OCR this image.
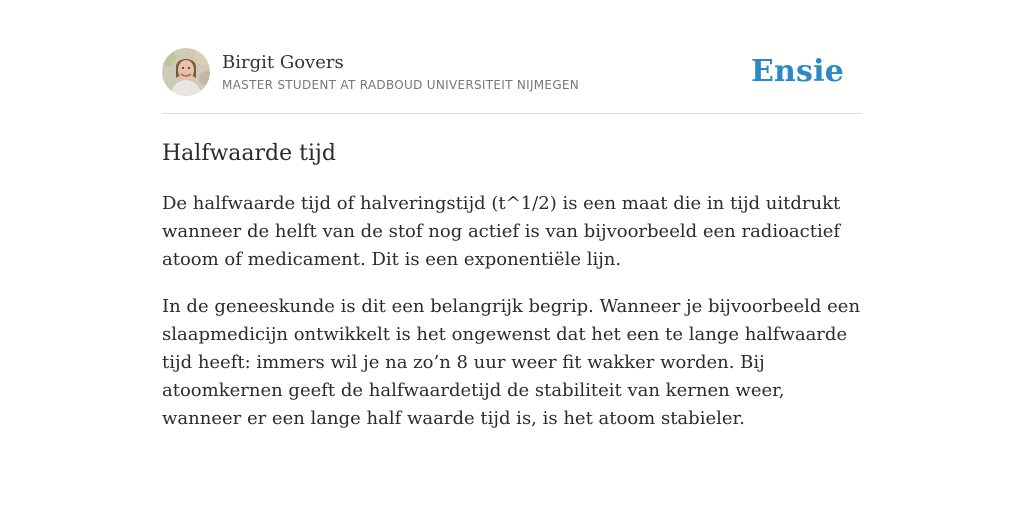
Birgit Govers
MASTER STUDENT AT RADBOUD UNIVERSITEIT NIJMEGEN	Ensie
Halfwaarde tijd

De halfwaarde tijd of halveringstijd (t^1/2) is een maat die in tijd uitdrukt wanneer de helft van de stof nog actief is van bijvoorbeeld een radioactief atoom of medicament. Dit is een exponentiële lijn.

In de geneeskunde is dit een belangrijk begrip. Wanneer je bijvoorbeeld een slaapmedicijn ontwikkelt is het ongewenst dat het een te lange halfwaarde tijd heeft: immers wil je na zo’n 8 uur weer fit wakker worden. Bij atoomkernen geeft de halfwaardetijd de stabiliteit van kernen weer, wanneer er een lange half waarde tijd is, is het atoom stabieler.
